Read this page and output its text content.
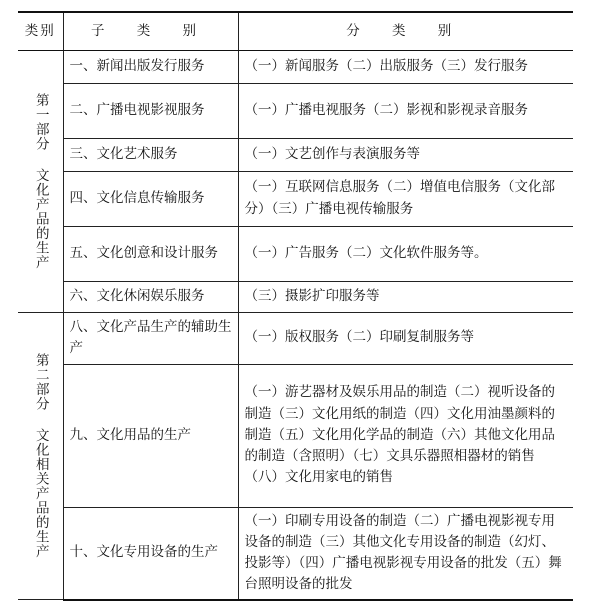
类别	子 类 别	分 类 别

第一部分 文化产品的生产	一、新闻出版发行服务	（一）新闻服务（二）出版服务（三）发行服务
	二、广播电视影视服务	（一）广播电视服务（二）影视和影视录音服务
	三、文化艺术服务	（一）文艺创作与表演服务等
	四、文化信息传输服务	（一）互联网信息服务（二）增值电信服务（文化部分）（三）广播电视传输服务
	五、文化创意和设计服务	（一）广告服务（二）文化软件服务等。
	六、文化休闲娱乐服务	（三）摄影扩印服务等

第二部分 文化相关产品的生产	八、文化产品生产的辅助生产	（一）版权服务（二）印刷复制服务等
	九、文化用品的生产	（一）游艺器材及娱乐用品的制造（二）视听设备的制造（三）文化用纸的制造（四）文化用油墨颜料的制造（五）文化用化学品的制造（六）其他文化用品的制造（含照明）（七）文具乐器照相器材的销售（八）文化用家电的销售
	十、文化专用设备的生产	（一）印刷专用设备的制造（二）广播电视影视专用设备的制造（三）其他文化专用设备的制造（幻灯、投影等）（四）广播电视影视专用设备的批发（五）舞台照明设备的批发
